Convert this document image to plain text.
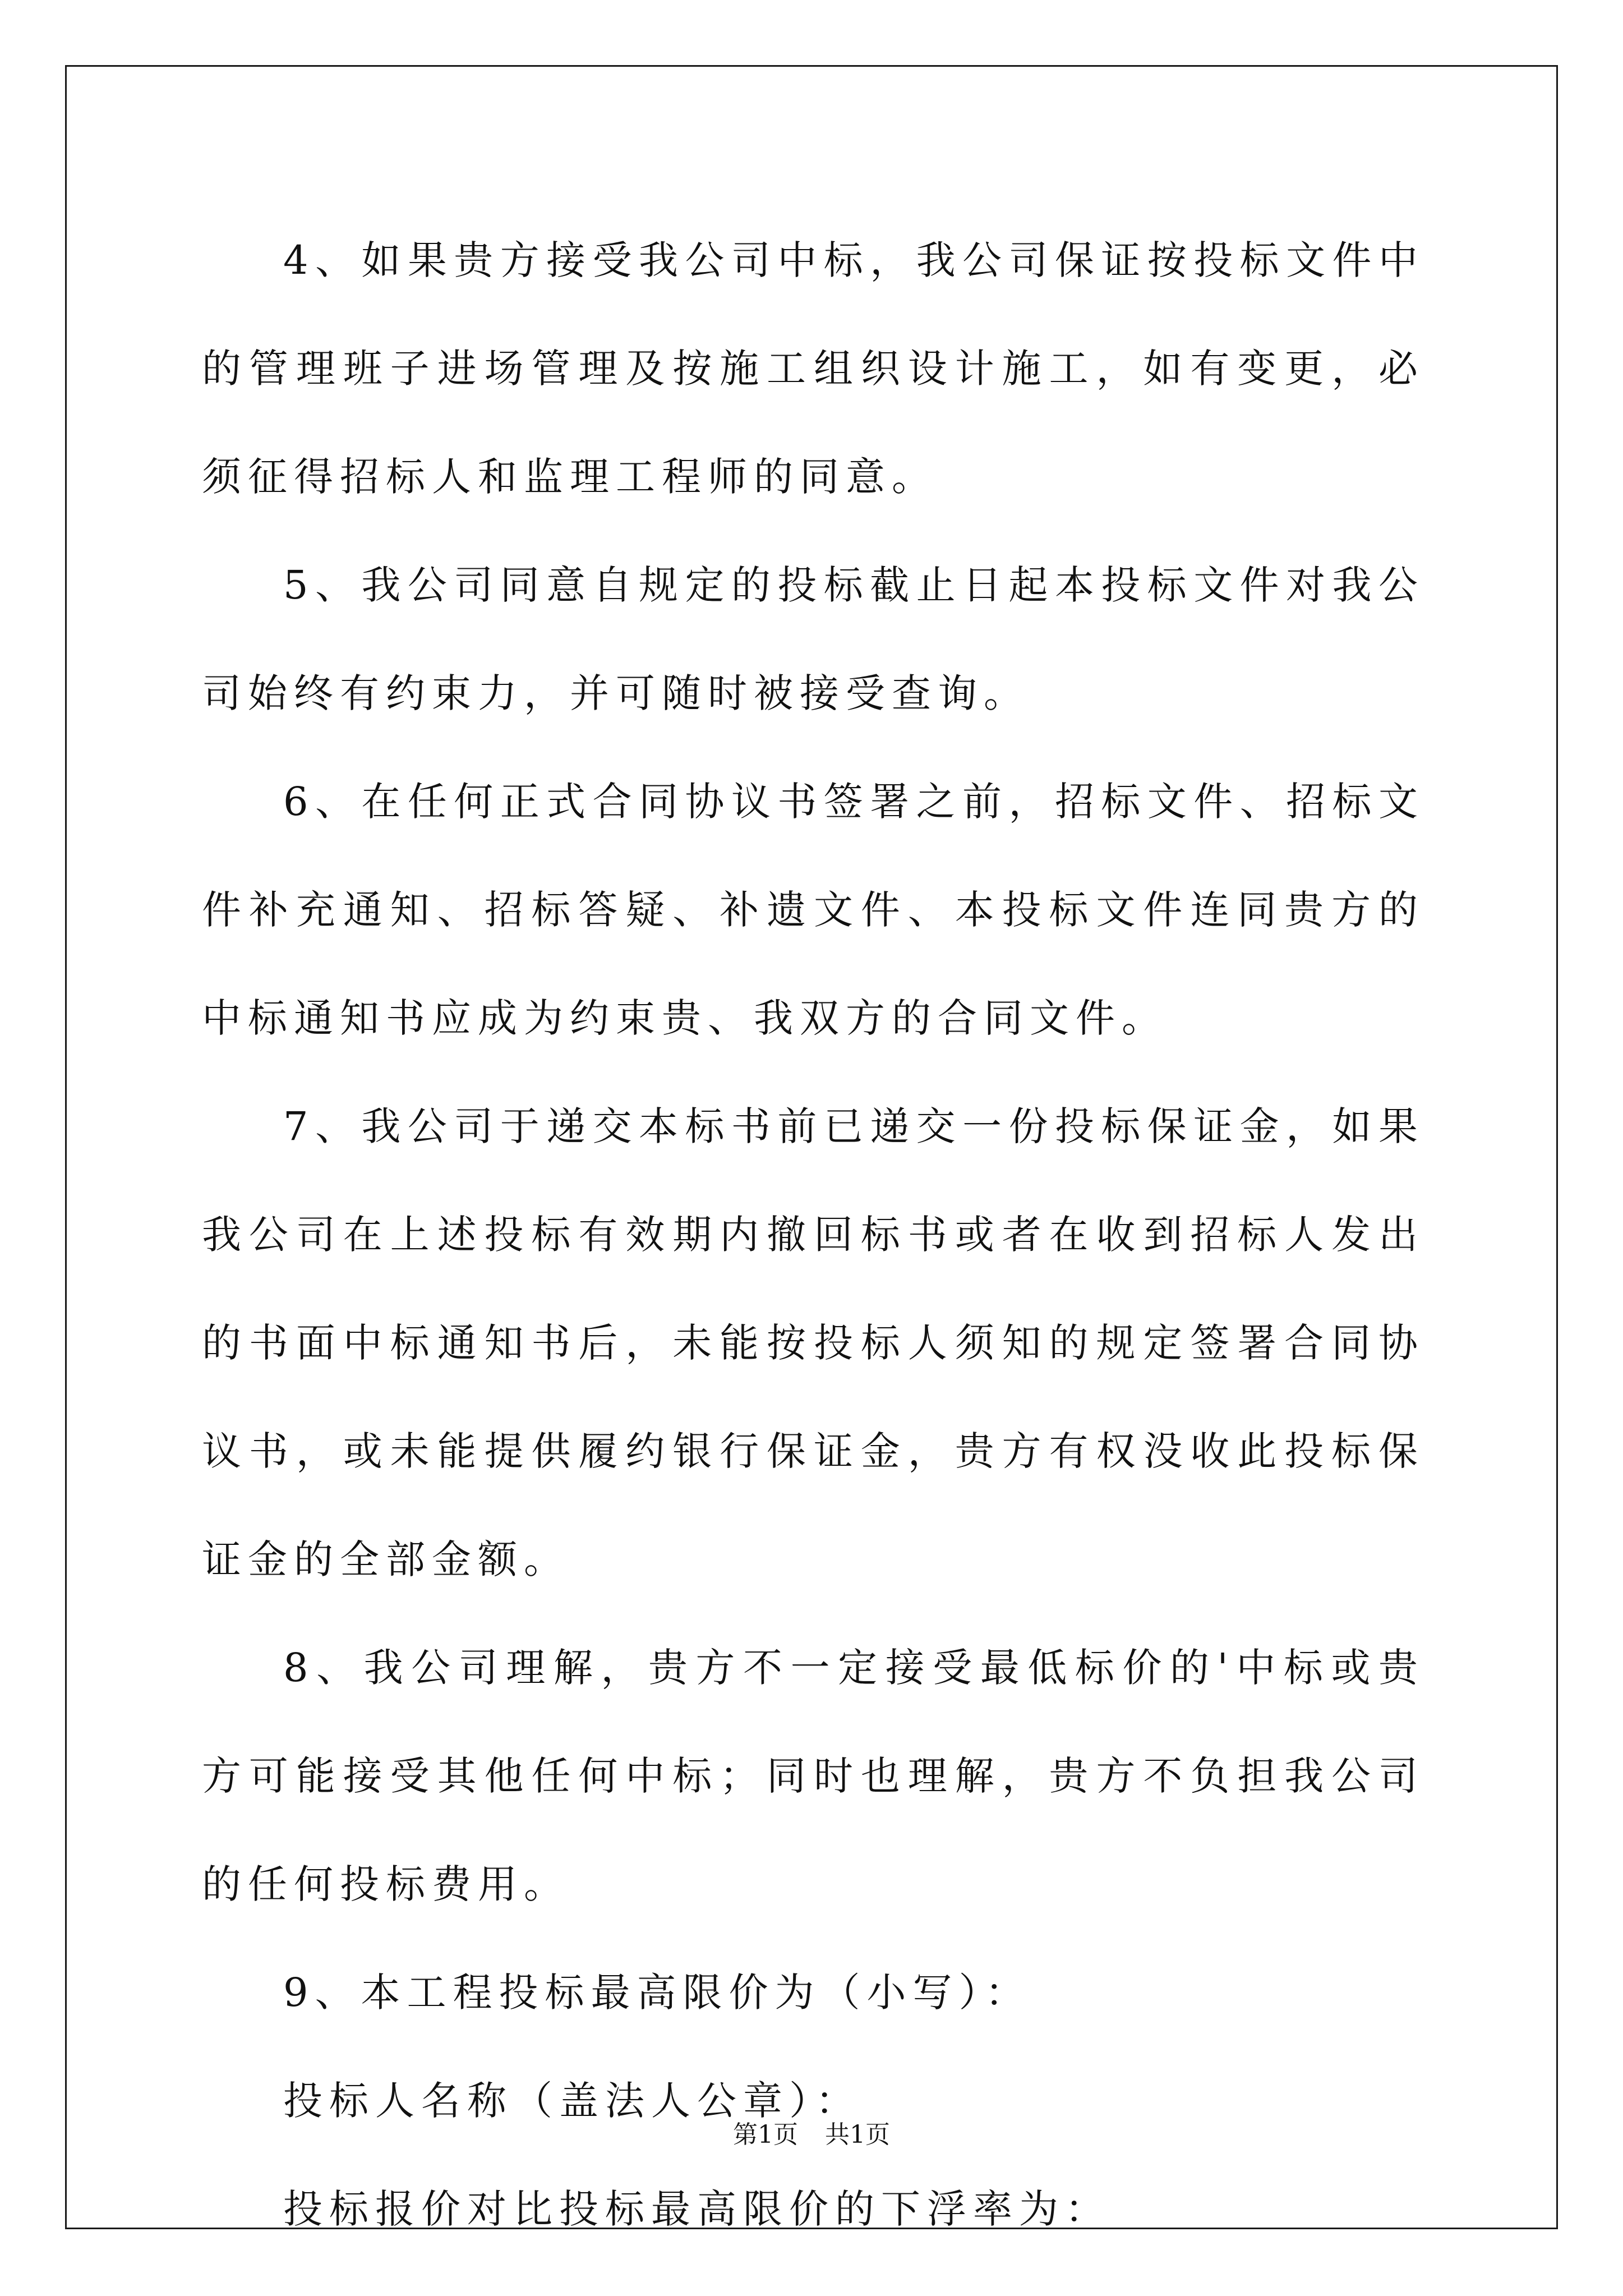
4、如果贵方接受我公司中标，我公司保证按投标文件中的管理班子进场管理及按施工组织设计施工，如有变更，必须征得招标人和监理工程师的同意。

5、我公司同意自规定的投标截止日起本投标文件对我公司始终有约束力，并可随时被接受查询。

6、在任何正式合同协议书签署之前，招标文件、招标文件补充通知、招标答疑、补遗文件、本投标文件连同贵方的中标通知书应成为约束贵、我双方的合同文件。

7、我公司于递交本标书前已递交一份投标保证金，如果我公司在上述投标有效期内撤回标书或者在收到招标人发出的书面中标通知书后，未能按投标人须知的规定签署合同协议书，或未能提供履约银行保证金，贵方有权没收此投标保证金的全部金额。

8、我公司理解，贵方不一定接受最低标价的'中标或贵方可能接受其他任何中标；同时也理解，贵方不负担我公司的任何投标费用。

9、本工程投标最高限价为（小写）：

投标人名称（盖法人公章）：

投标报价对比投标最高限价的下浮率为：

第1页 共1页
